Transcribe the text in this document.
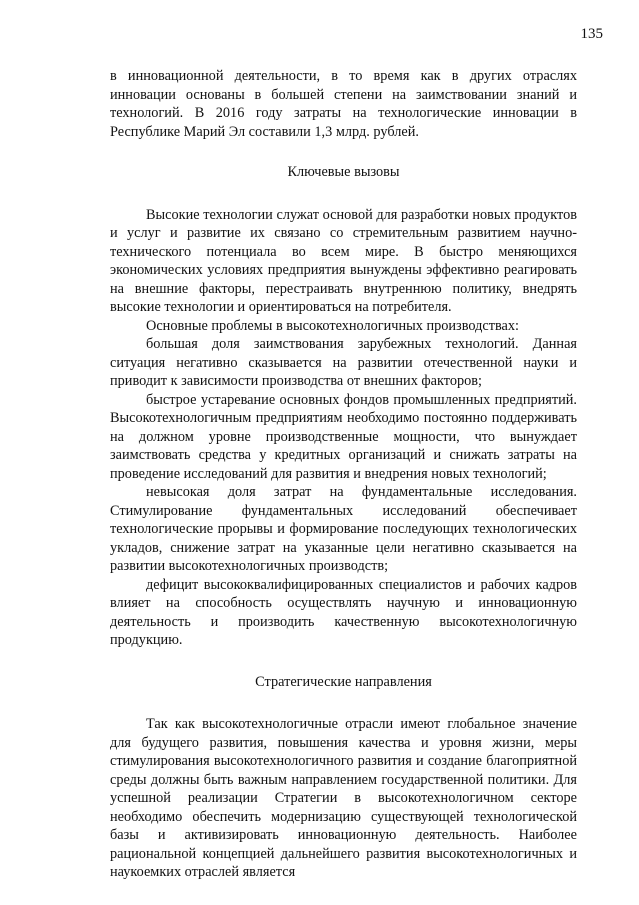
135

в инновационной деятельности, в то время как в других отраслях инновации основаны в большей степени на заимствовании знаний и технологий. В 2016 году затраты на технологические инновации в Республике Марий Эл составили 1,3 млрд. рублей.

Ключевые вызовы

Высокие технологии служат основой для разработки новых продуктов и услуг и развитие их связано со стремительным развитием научно-технического потенциала во всем мире. В быстро меняющихся экономических условиях предприятия вынуждены эффективно реагировать на внешние факторы, перестраивать внутреннюю политику, внедрять высокие технологии и ориентироваться на потребителя.

Основные проблемы в высокотехнологичных производствах:

большая доля заимствования зарубежных технологий. Данная ситуация негативно сказывается на развитии отечественной науки и приводит к зависимости производства от внешних факторов;

быстрое устаревание основных фондов промышленных предприятий. Высокотехнологичным предприятиям необходимо постоянно поддерживать на должном уровне производственные мощности, что вынуждает заимствовать средства у кредитных организаций и снижать затраты на проведение исследований для развития и внедрения новых технологий;

невысокая доля затрат на фундаментальные исследования. Стимулирование фундаментальных исследований обеспечивает технологические прорывы и формирование последующих технологических укладов, снижение затрат на указанные цели негативно сказывается на развитии высокотехнологичных производств;

дефицит высококвалифицированных специалистов и рабочих кадров влияет на способность осуществлять научную и инновационную деятельность и производить качественную высокотехнологичную продукцию.

Стратегические направления

Так как высокотехнологичные отрасли имеют глобальное значение для будущего развития, повышения качества и уровня жизни, меры стимулирования высокотехнологичного развития и создание благоприятной среды должны быть важным направлением государственной политики. Для успешной реализации Стратегии в высокотехнологичном секторе необходимо обеспечить модернизацию существующей технологической базы и активизировать инновационную деятельность. Наиболее рациональной концепцией дальнейшего развития высокотехнологичных и наукоемких отраслей является
